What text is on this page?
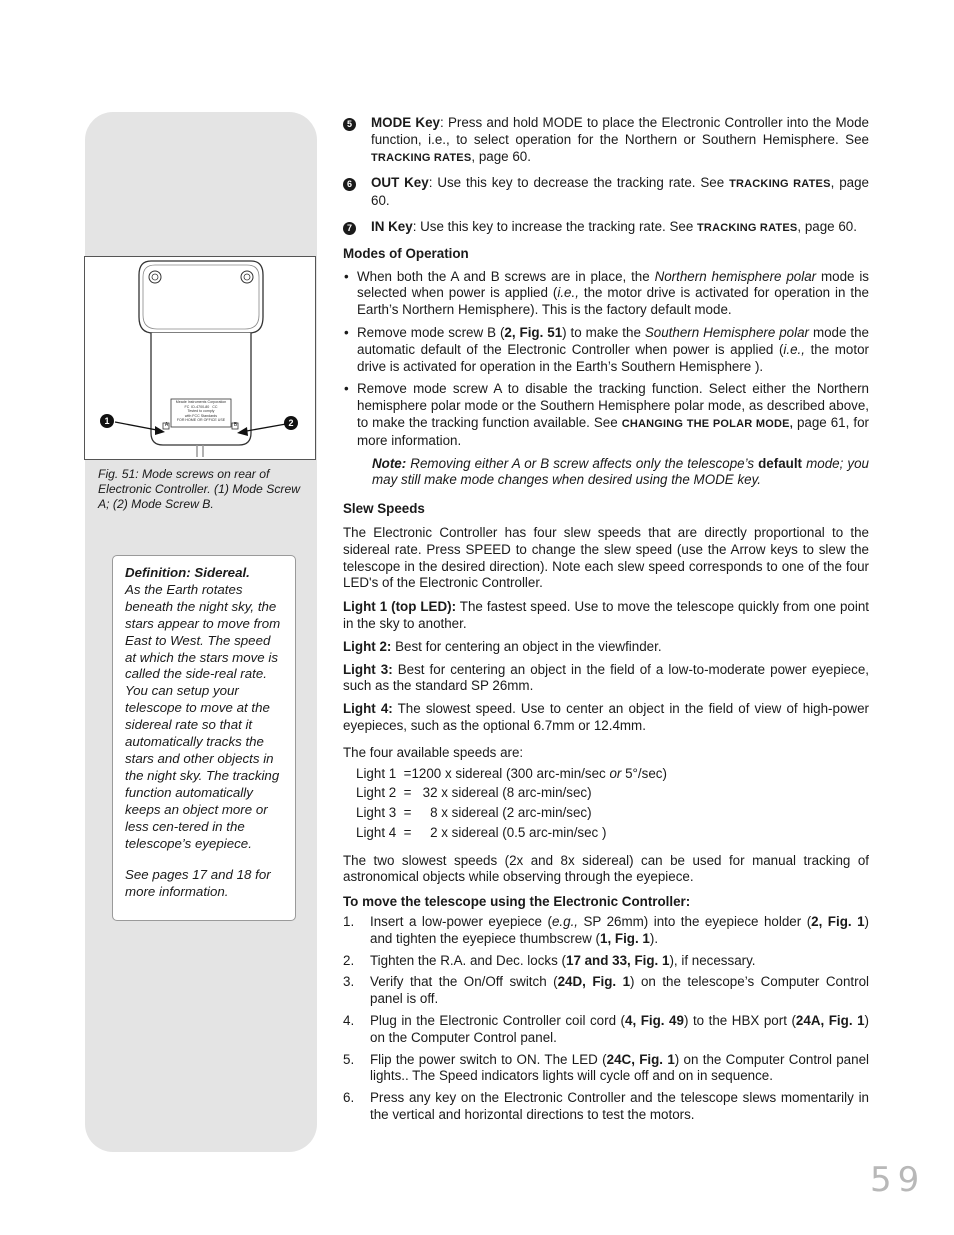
Meade Instruments Corporation
FC  ID-4700-80   CC
Tested to comply
with FCC Standards
FOR HOME OR OFFICE USE
A	B
1	2
Fig. 51: Mode screws on rear of Electronic Controller. (1) Mode Screw A; (2) Mode Screw B.

Definition: Sidereal.

As the Earth rotates beneath the night sky, the stars appear to move from East to West. The speed at which the stars move is called the side-real rate. You can setup your telescope to move at the sidereal rate so that it automatically tracks the stars and other objects in the night sky. The tracking function automatically keeps an object more or less cen-tered in the telescope’s eyepiece.

See pages 17 and 18 for more information.

5 MODE Key: Press and hold MODE to place the Electronic Controller into the Mode function, i.e., to select operation for the Northern or Southern Hemisphere. See TRACKING RATES, page 60.
6 OUT Key: Use this key to decrease the tracking rate. See TRACKING RATES, page 60.
7 IN Key: Use this key to increase the tracking rate. See TRACKING RATES, page 60.
Modes of Operation
• When both the A and B screws are in place, the Northern hemisphere polar mode is selected when power is applied (i.e., the motor drive is activated for operation in the Earth’s Northern Hemisphere). This is the factory default mode.
• Remove mode screw B (2, Fig. 51) to make the Southern Hemisphere polar mode the automatic default of the Electronic Controller when power is applied (i.e., the motor drive is activated for operation in the Earth’s Southern Hemisphere ).
• Remove mode screw A to disable the tracking function. Select either the Northern hemisphere polar mode or the Southern Hemisphere polar mode, as described above, to make the tracking function available. See CHANGING THE POLAR MODE, page 61, for more information.
Note: Removing either A or B screw affects only the telescope’s default mode; you may still make mode changes when desired using the MODE key.
Slew Speeds

The Electronic Controller has four slew speeds that are directly proportional to the sidereal rate. Press SPEED to change the slew speed (use the Arrow keys to slew the telescope in the desired direction). Note each slew speed corresponds to one of the four LED's of the Electronic Controller.

Light 1 (top LED): The fastest speed. Use to move the telescope quickly from one point in the sky to another.

Light 2: Best for centering an object in the viewfinder.

Light 3: Best for centering an object in the field of a low-to-moderate power eyepiece, such as the standard SP 26mm.

Light 4: The slowest speed. Use to center an object in the field of view of high-power eyepieces, such as the optional 6.7mm or 12.4mm.

The four available speeds are:

Light 1  =1200 x sidereal (300 arc-min/sec or 5°/sec)
Light 2  =   32 x sidereal (8 arc-min/sec)
Light 3  =     8 x sidereal (2 arc-min/sec)
Light 4  =     2 x sidereal (0.5 arc-min/sec )

The two slowest speeds (2x and 8x sidereal) can be used for manual tracking of astronomical objects while observing through the eyepiece.

To move the telescope using the Electronic Controller:
1. Insert a low-power eyepiece (e.g., SP 26mm) into the eyepiece holder (2, Fig. 1) and tighten the eyepiece thumbscrew (1, Fig. 1).
2. Tighten the R.A. and Dec. locks (17 and 33, Fig. 1), if necessary.
3. Verify that the On/Off switch (24D, Fig. 1) on the telescope’s Computer Control panel is off.
4. Plug in the Electronic Controller coil cord (4, Fig. 49) to the HBX port (24A, Fig. 1) on the Computer Control panel.
5. Flip the power switch to ON. The LED (24C, Fig. 1) on the Computer Control panel lights.. The Speed indicators lights will cycle off and on in sequence.
6. Press any key on the Electronic Controller and the telescope slews momentarily in the vertical and horizontal directions to test the motors.
59
